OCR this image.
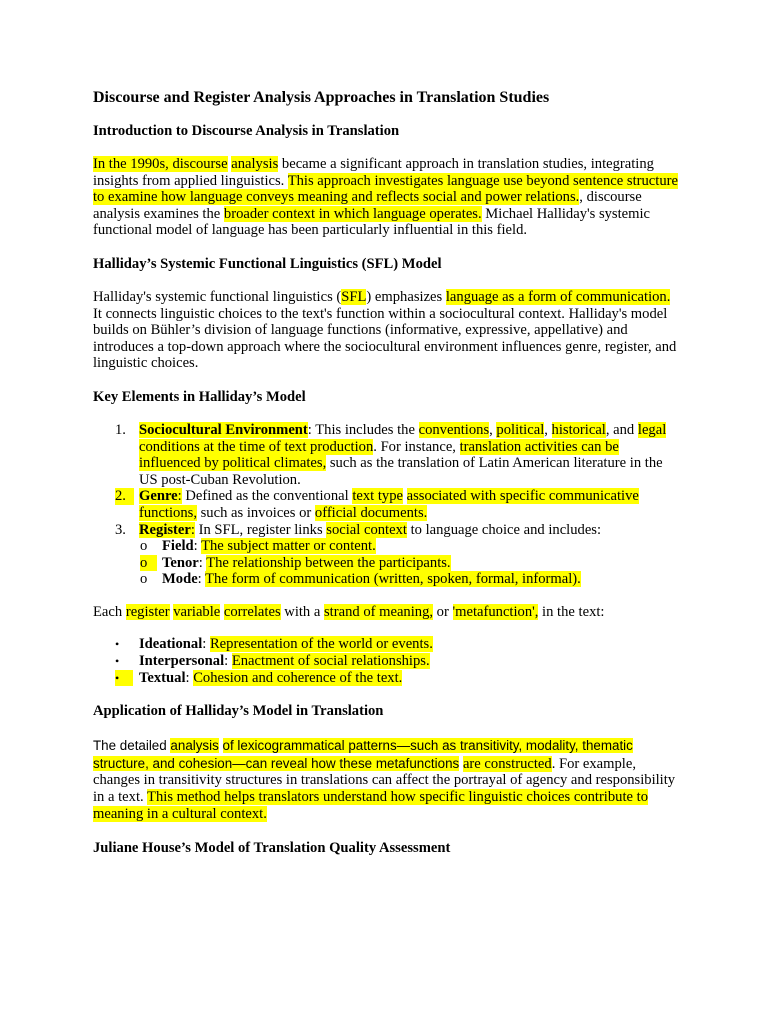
Discourse and Register Analysis Approaches in Translation Studies
Introduction to Discourse Analysis in Translation

In the 1990s, discourse analysis became a significant approach in translation studies, integrating insights from applied linguistics. This approach investigates language use beyond sentence structure to examine how language conveys meaning and reflects social and power relations., discourse analysis examines the broader context in which language operates. Michael Halliday's systemic functional model of language has been particularly influential in this field.

Halliday’s Systemic Functional Linguistics (SFL) Model

Halliday's systemic functional linguistics (SFL) emphasizes language as a form of communication. It connects linguistic choices to the text's function within a sociocultural context. Halliday's model builds on Bühler’s division of language functions (informative, expressive, appellative) and introduces a top-down approach where the sociocultural environment influences genre, register, and linguistic choices.

Key Elements in Halliday’s Model
1. Sociocultural Environment: This includes the conventions, political, historical, and legal conditions at the time of text production. For instance, translation activities can be influenced by political climates, such as the translation of Latin American literature in the US post-Cuban Revolution.
2. Genre: Defined as the conventional text type associated with specific communicative functions, such as invoices or official documents.
3. Register: In SFL, register links social context to language choice and includes:
o Field: The subject matter or content.
o	Tenor: The relationship between the participants.
o Mode: The form of communication (written, spoken, formal, informal).

Each register variable correlates with a strand of meaning, or 'metafunction', in the text:

• Ideational: Representation of the world or events.
• Interpersonal: Enactment of social relationships.
•	Textual: Cohesion and coherence of the text.
Application of Halliday’s Model in Translation

The detailed analysis of lexicogrammatical patterns—such as transitivity, modality, thematic structure, and cohesion—can reveal how these metafunctions are constructed. For example, changes in transitivity structures in translations can affect the portrayal of agency and responsibility in a text. This method helps translators understand how specific linguistic choices contribute to meaning in a cultural context.

Juliane House’s Model of Translation Quality Assessment
